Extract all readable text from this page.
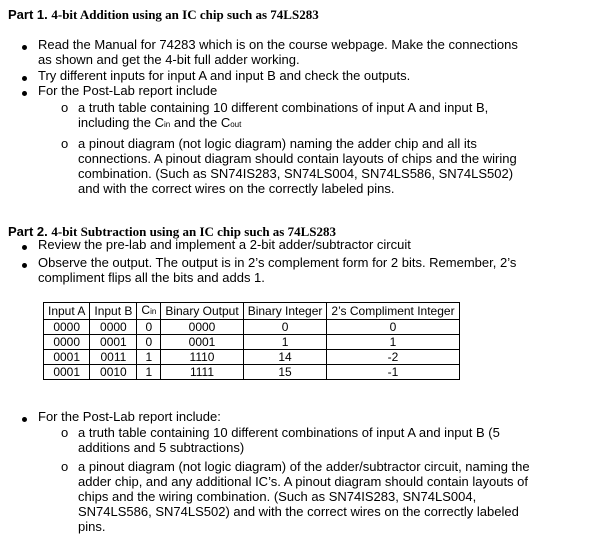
Part 1. 4-bit Addition using an IC chip such as 74LS283
Read the Manual for 74283 which is on the course webpage. Make the connections
as shown and get the 4-bit full adder working.
Try different inputs for input A and input B and check the outputs.
For the Post-Lab report include
o a truth table containing 10 different combinations of input A and input B,
including the Cin and the Cout
o a pinout diagram (not logic diagram) naming the adder chip and all its
connections. A pinout diagram should contain layouts of chips and the wiring
combination. (Such as SN74IS283, SN74LS004, SN74LS586, SN74LS502)
and with the correct wires on the correctly labeled pins.
Part 2. 4-bit Subtraction using an IC chip such as 74LS283
Review the pre-lab and implement a 2-bit adder/subtractor circuit
Observe the output. The output is in 2’s complement form for 2 bits. Remember, 2’s
compliment flips all the bits and adds 1.
Input A	Input B	Cin	Binary Output	Binary Integer	2’s Compliment Integer
0000	0000	0	0000	0	0
0000	0001	0	0001	1	1
0001	0011	1	1110	14	-2
0001	0010	1	1111	15	-1
For the Post-Lab report include:
o a truth table containing 10 different combinations of input A and input B (5
additions and 5 subtractions)
o a pinout diagram (not logic diagram) of the adder/subtractor circuit, naming the
adder chip, and any additional IC’s. A pinout diagram should contain layouts of
chips and the wiring combination. (Such as SN74IS283, SN74LS004,
SN74LS586, SN74LS502) and with the correct wires on the correctly labeled
pins.
